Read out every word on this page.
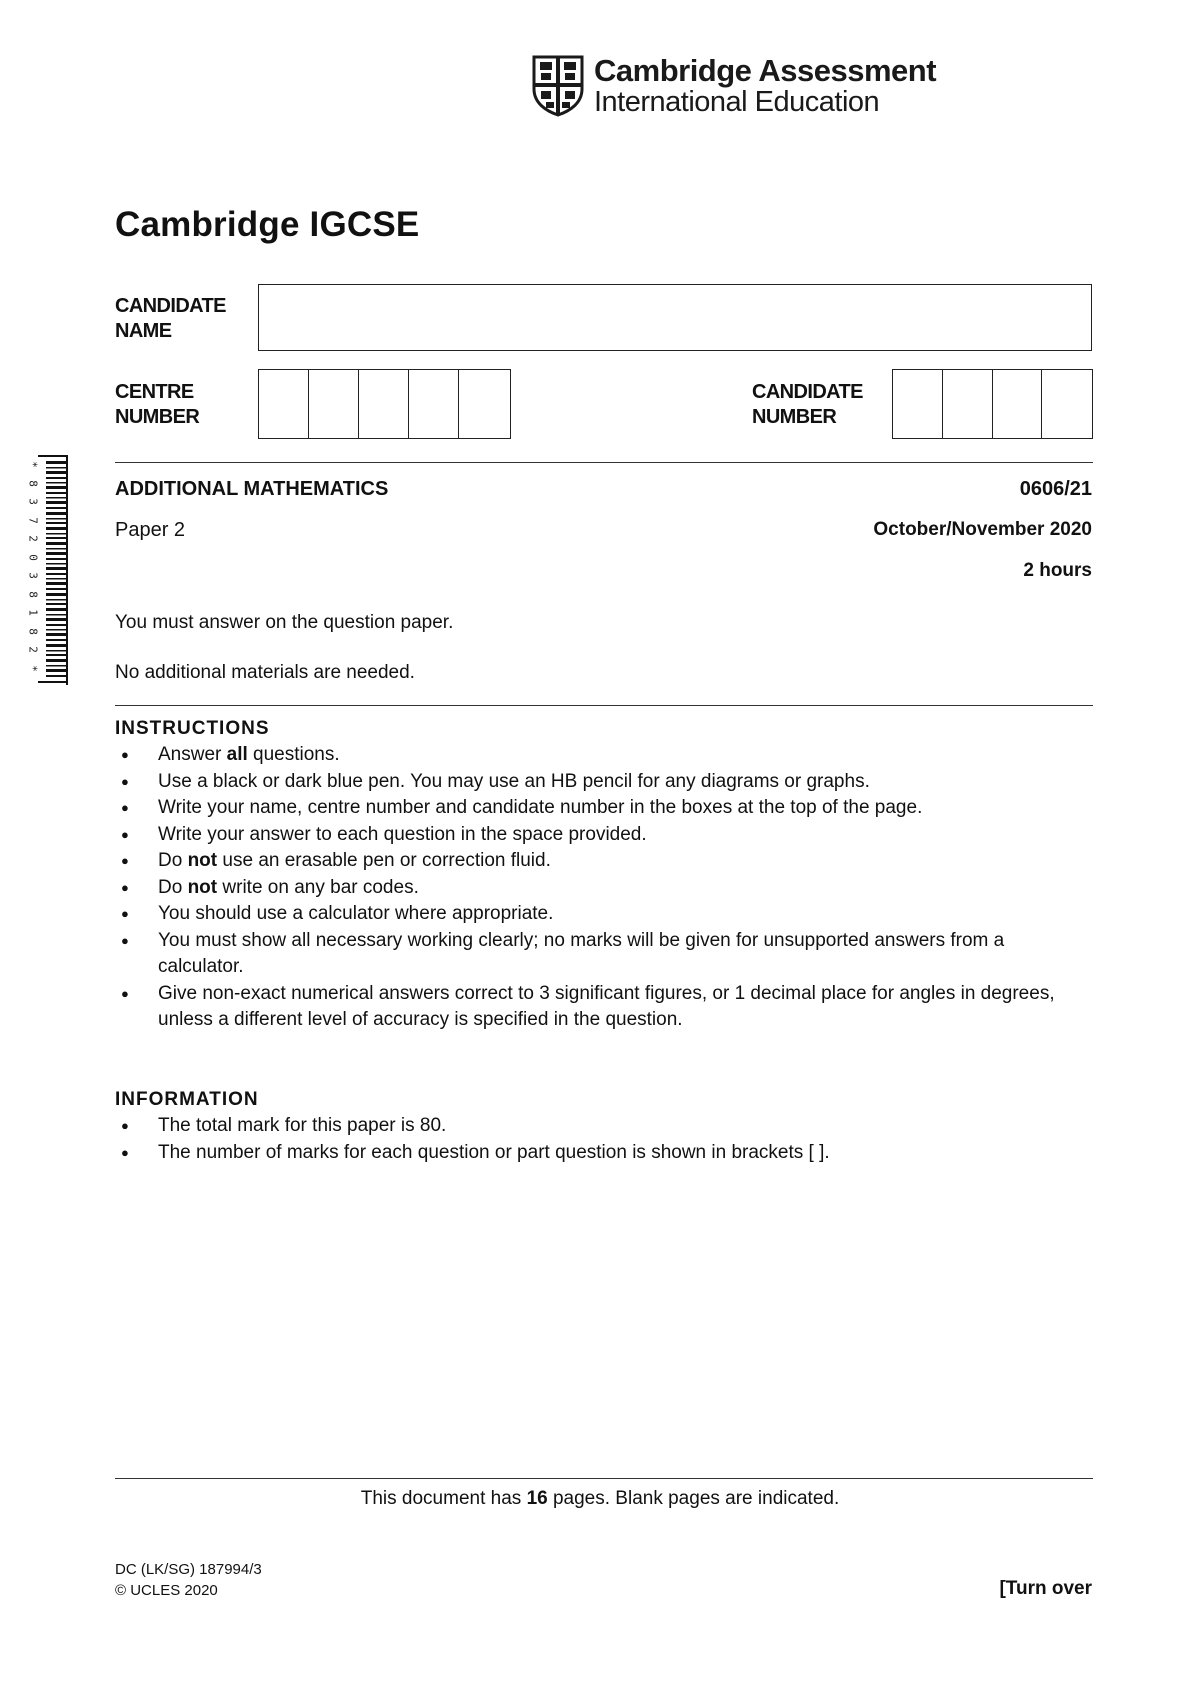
Cambridge Assessment
International Education
Cambridge IGCSE
CANDIDATE
NAME
CENTRE
NUMBER
CANDIDATE
NUMBER
ADDITIONAL MATHEMATICS	0606/21
Paper 2	October/November 2020
2 hours
You must answer on the question paper.
No additional materials are needed.
INSTRUCTIONS
● Answer all questions.
● Use a black or dark blue pen. You may use an HB pencil for any diagrams or graphs.
● Write your name, centre number and candidate number in the boxes at the top of the page.
● Write your answer to each question in the space provided.
● Do not use an erasable pen or correction fluid.
● Do not write on any bar codes.
● You should use a calculator where appropriate.
● You must show all necessary working clearly; no marks will be given for unsupported answers from a calculator.
● Give non-exact numerical answers correct to 3 significant figures, or 1 decimal place for angles in degrees, unless a different level of accuracy is specified in the question.
INFORMATION
● The total mark for this paper is 80.
● The number of marks for each question or part question is shown in brackets [ ].
This document has 16 pages. Blank pages are indicated.
DC (LK/SG) 187994/3
© UCLES 2020	[Turn over
*
8
3
7
2
0
3
8
1
8
2
*
